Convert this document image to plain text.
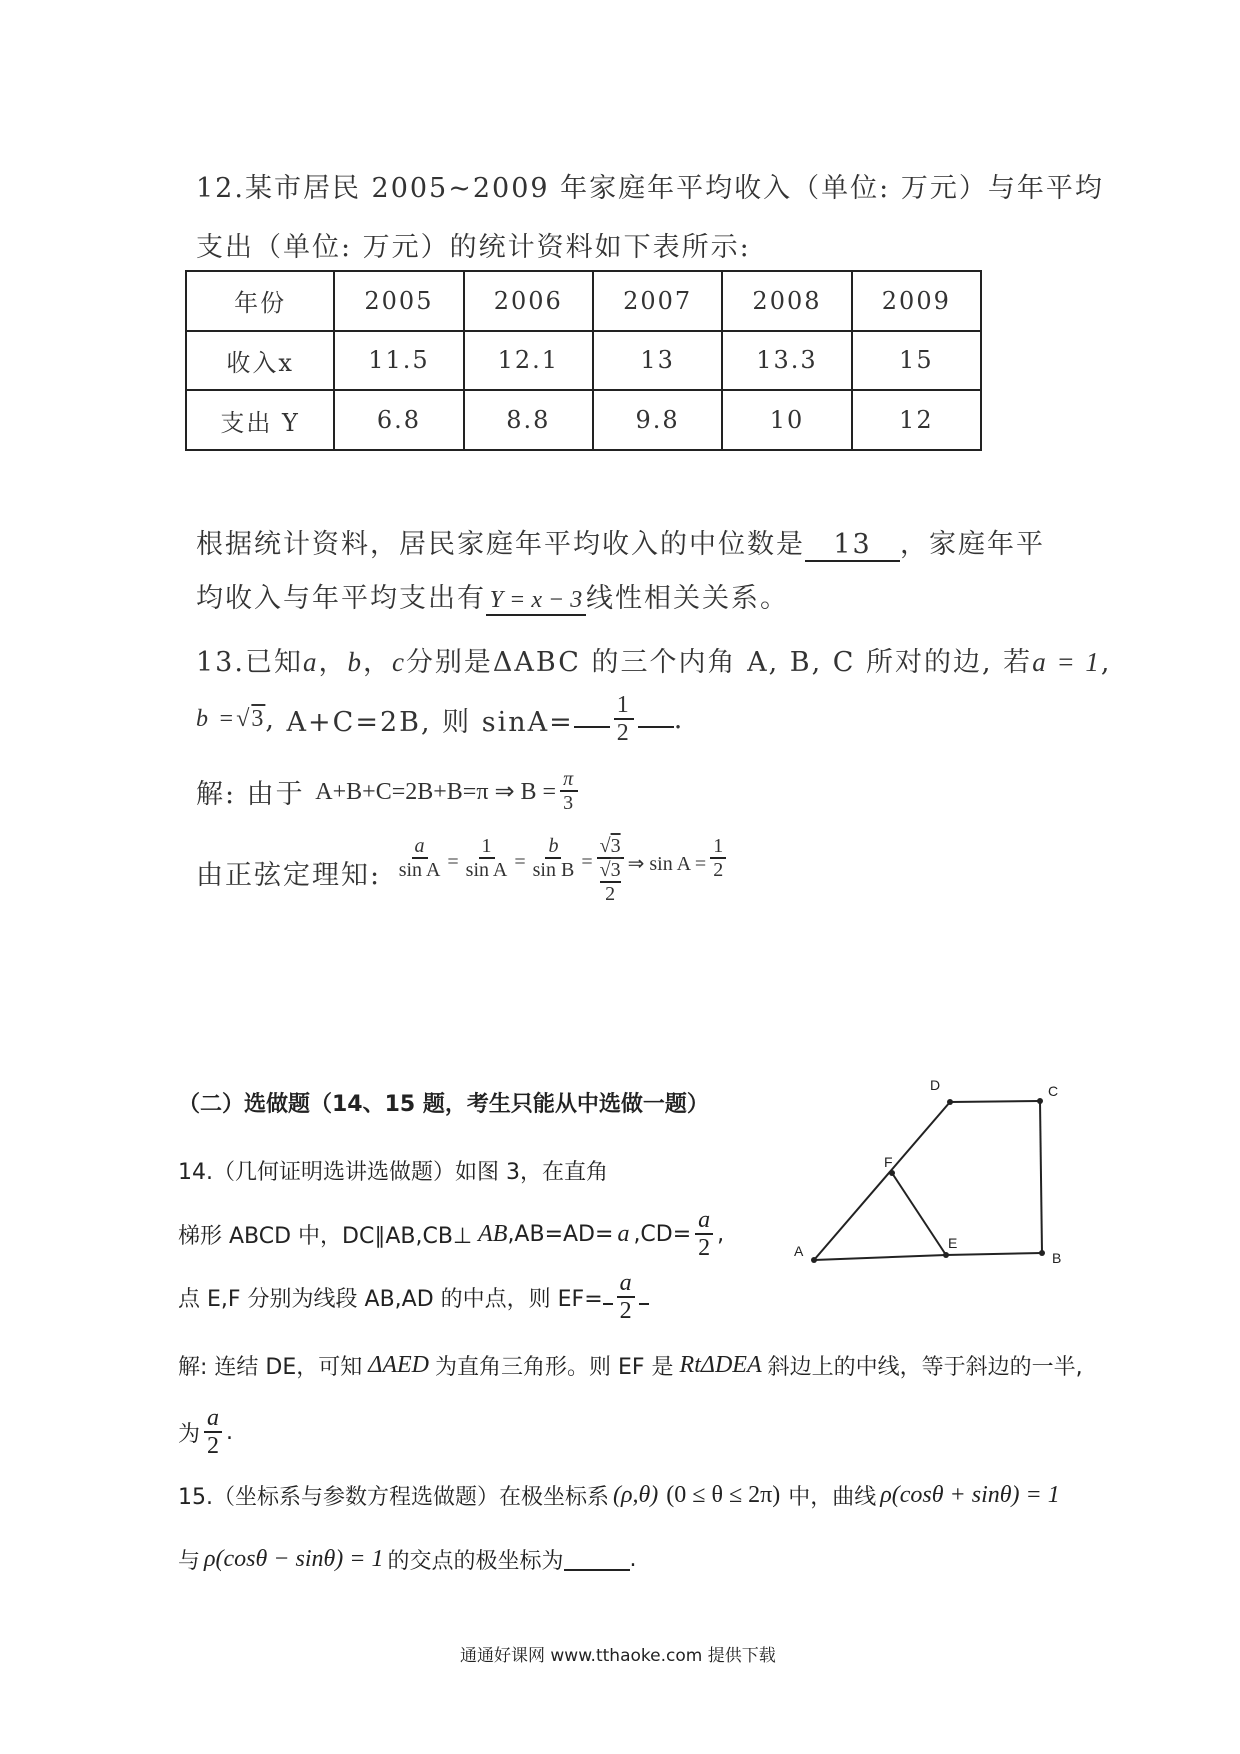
12.某市居民 2005~2009 年家庭年平均收入（单位: 万元）与年平均
支出（单位: 万元）的统计资料如下表所示:
年份	2005	2006	2007	2008	2009
收入x	11.5	12.1	13	13.3	15
支出 Y	6.8	8.8	9.8	10	12
根据统计资料，居民家庭年平均收入的中位数是 13 ，家庭年平
均收入与年平均支出有 Y = x − 3 线性相关关系。
13.已知a，b，c分别是ΔABC 的三个内角 A, B, C 所对的边, 若a = 1,
b = √3 , A+C=2B, 则 $\sin A= \frac{1}{2}$ .
解: 由于
A+B+C=2B+B=π ⇒ $B = \frac{\pi}{3}$
由正弦定理知:
$\frac{a}{\text{sin A}} = \frac{1}{\text{sin A}} = \frac{b}{\text{sin B}} = √3$
√3
2 ⇒ $\sin A = \frac{1}{2}$
（二）选做题（14、15 题，考生只能从中选做一题）
14.（几何证明选讲选做题）如图 3，在直角
梯形 ABCD 中，DC∥AB,CB⊥ AB ,AB=AD= a $,CD= \frac{a}{2}$ ,
点 E,F 分别为线段 AB,AD 的中点，则 $EF= \frac{a}{2}$
解: 连结 DE，可知 ΔAED 为直角三角形。则 EF 是 RtΔDEA 斜边上的中线，等于斜边的一半,
为 $\frac{a}{2}$ .
A	E
B
C
D
F
15.（坐标系与参数方程选做题）在极坐标系 (ρ,θ) (0 ≤ θ ≤ 2π) 中，曲线 ρ(cosθ + sinθ) = 1
与 ρ(cosθ − sinθ) = 1 的交点的极坐标为	.
通通好课网 www.tthaoke.com 提供下载
